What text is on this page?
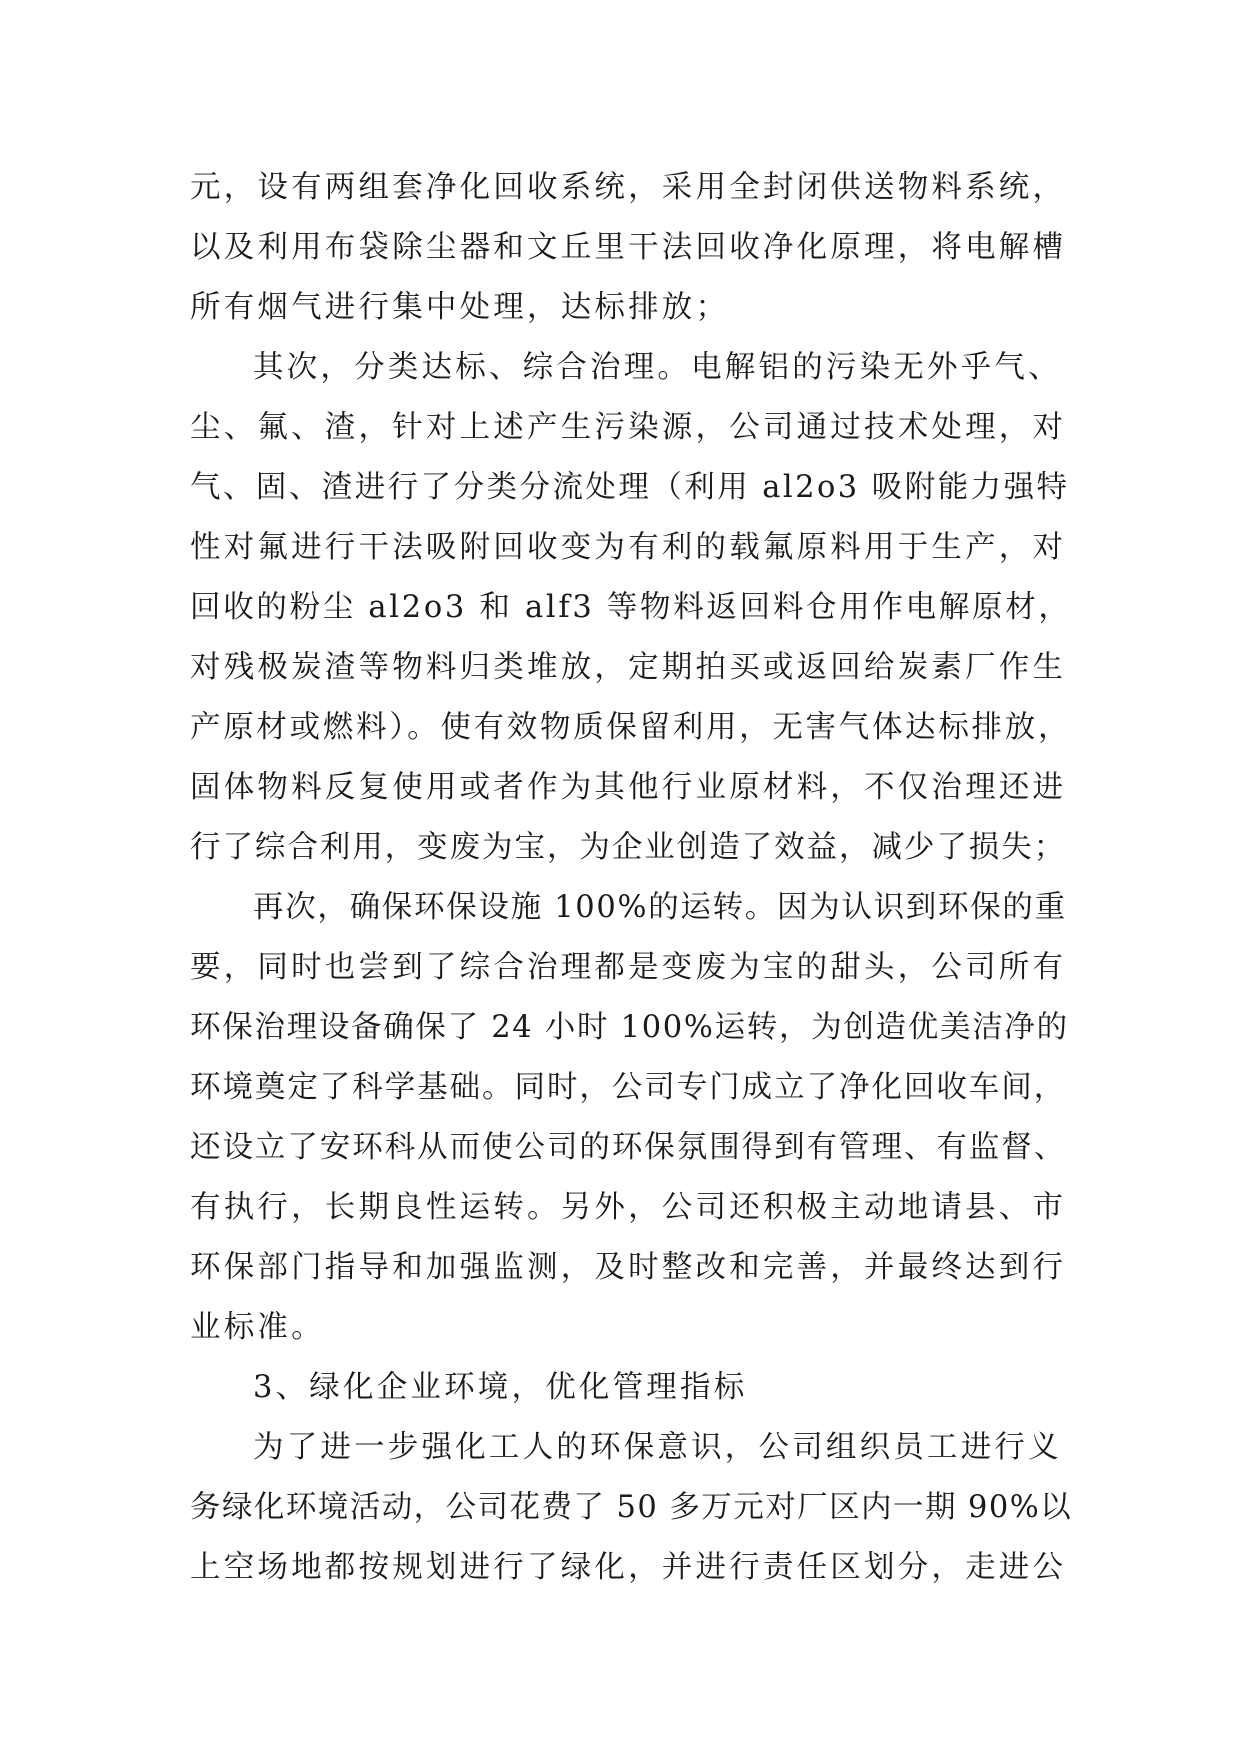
元，设有两组套净化回收系统，采用全封闭供送物料系统，
以及利用布袋除尘器和文丘里干法回收净化原理，将电解槽
所有烟气进行集中处理，达标排放；
其次，分类达标、综合治理。电解铝的污染无外乎气、
尘、氟、渣，针对上述产生污染源，公司通过技术处理，对
气、固、渣进行了分类分流处理（利用 al2o3 吸附能力强特
性对氟进行干法吸附回收变为有利的载氟原料用于生产，对
回收的粉尘 al2o3 和 alf3 等物料返回料仓用作电解原材，
对残极炭渣等物料归类堆放，定期拍买或返回给炭素厂作生
产原材或燃料）。使有效物质保留利用，无害气体达标排放，
固体物料反复使用或者作为其他行业原材料，不仅治理还进
行了综合利用，变废为宝，为企业创造了效益，减少了损失；
再次，确保环保设施 100%的运转。因为认识到环保的重
要，同时也尝到了综合治理都是变废为宝的甜头，公司所有
环保治理设备确保了 24 小时 100%运转，为创造优美洁净的
环境奠定了科学基础。同时，公司专门成立了净化回收车间，
还设立了安环科从而使公司的环保氛围得到有管理、有监督、
有执行，长期良性运转。另外，公司还积极主动地请县、市
环保部门指导和加强监测，及时整改和完善，并最终达到行
业标准。
3、绿化企业环境，优化管理指标
为了进一步强化工人的环保意识，公司组织员工进行义
务绿化环境活动，公司花费了 50 多万元对厂区内一期 90%以
上空场地都按规划进行了绿化，并进行责任区划分，走进公
